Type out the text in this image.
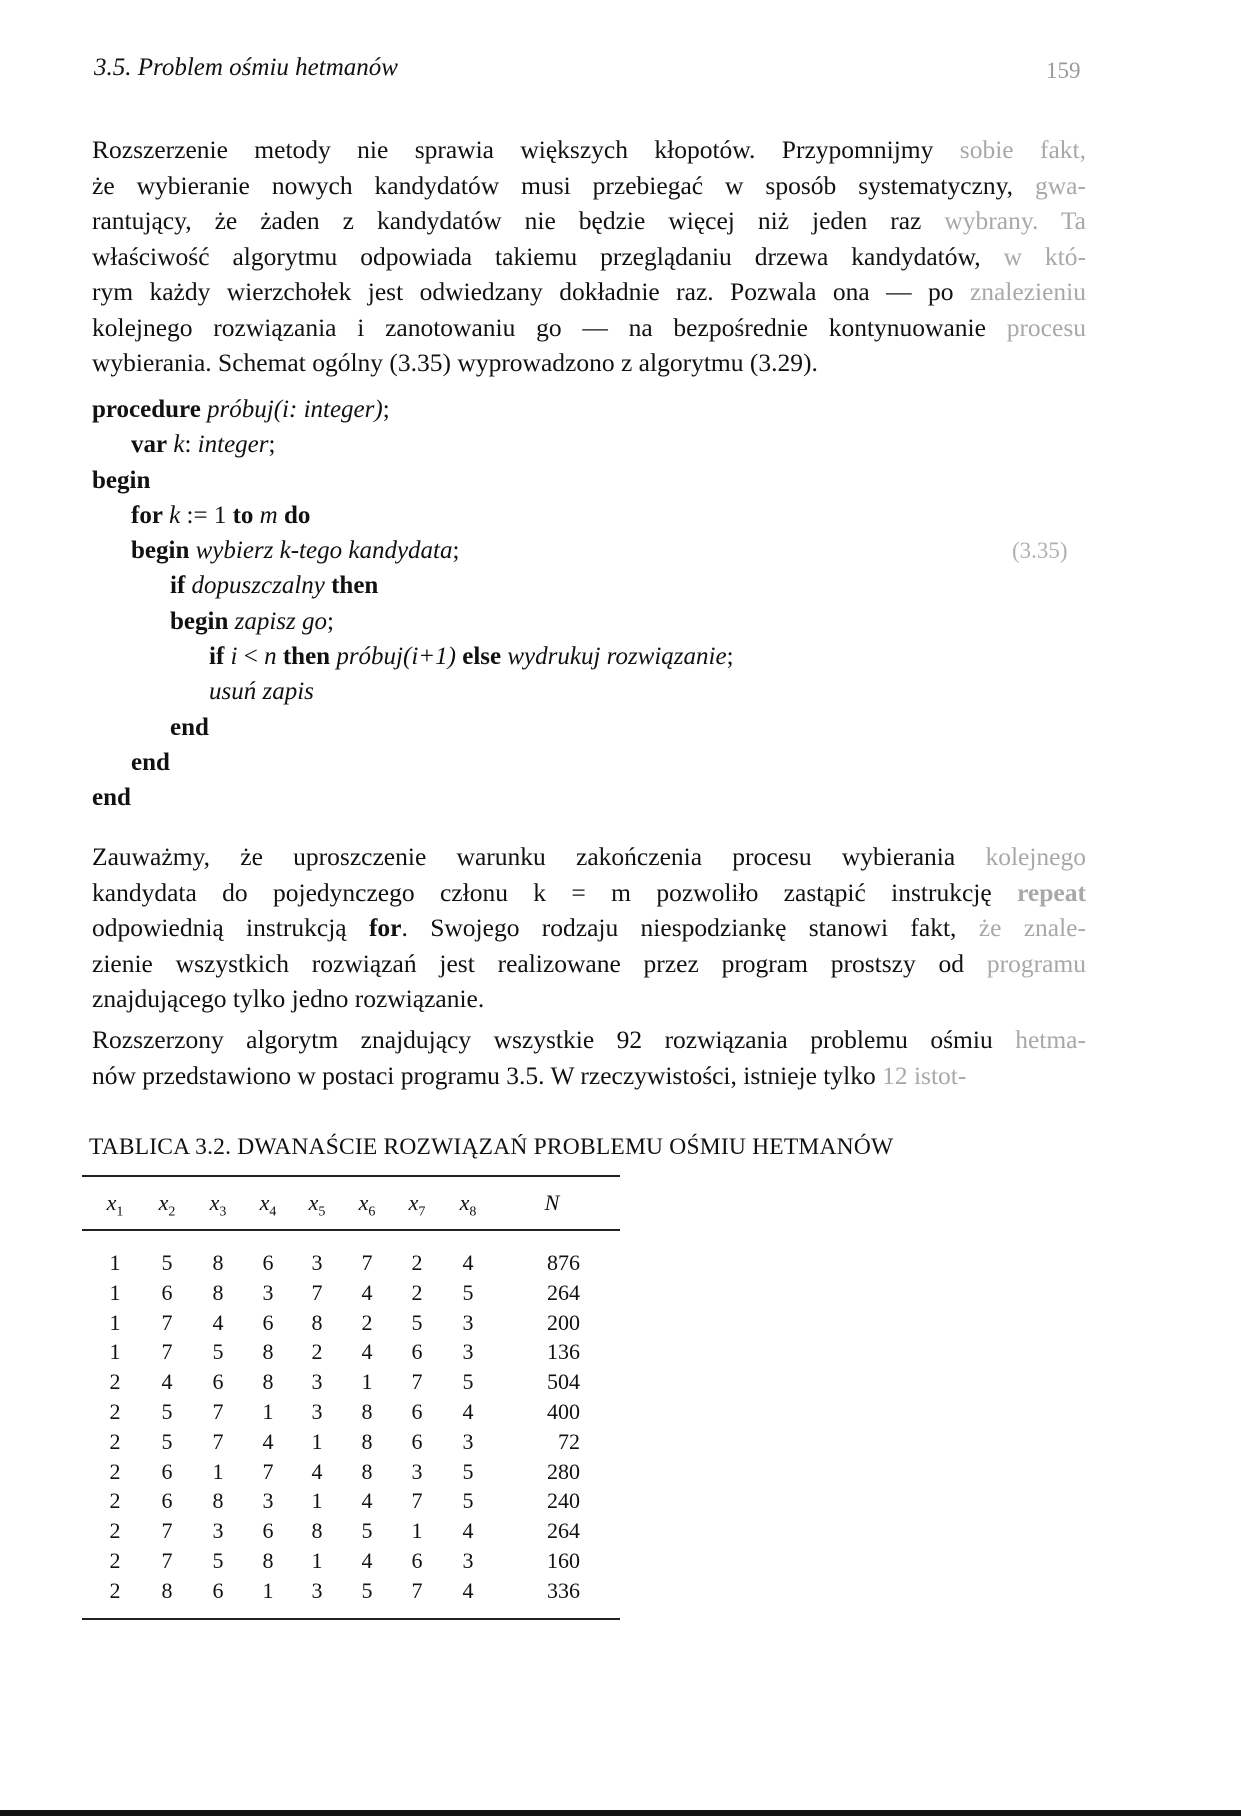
3.5. Problem ośmiu hetmanów	159
Rozszerzenie metody nie sprawia większych kłopotów. Przypomnijmy sobie fakt,
że wybieranie nowych kandydatów musi przebiegać w sposób systematyczny, gwa-
rantujący, że żaden z kandydatów nie będzie więcej niż jeden raz wybrany. Ta
właściwość algorytmu odpowiada takiemu przeglądaniu drzewa kandydatów, w któ-
rym każdy wierzchołek jest odwiedzany dokładnie raz. Pozwala ona — po znalezieniu
kolejnego rozwiązania i zanotowaniu go — na bezpośrednie kontynuowanie procesu
wybierania. Schemat ogólny (3.35) wyprowadzono z algorytmu (3.29).
procedure próbuj(i: integer);
var k: integer;
begin
for k := 1 to m do
begin wybierz k-tego kandydata;
if dopuszczalny then
begin zapisz go;
if i < n then próbuj(i+1) else wydrukuj rozwiązanie;
usuń zapis
end
end
end
(3.35)
Zauważmy, że uproszczenie warunku zakończenia procesu wybierania kolejnego
kandydata do pojedynczego członu k = m pozwoliło zastąpić instrukcję repeat
odpowiednią instrukcją for. Swojego rodzaju niespodziankę stanowi fakt, że znale-
zienie wszystkich rozwiązań jest realizowane przez program prostszy od programu
znajdującego tylko jedno rozwiązanie.
Rozszerzony algorytm znajdujący wszystkie 92 rozwiązania problemu ośmiu hetma-
nów przedstawiono w postaci programu 3.5. W rzeczywistości, istnieje tylko 12 istot-
TABLICA 3.2. DWANAŚCIE ROZWIĄZAŃ PROBLEMU OŚMIU HETMANÓW
$x_1$	$x_2$	$x_3$	$x_4$	$x_5$	$x_6$	$x_7$	$x_8$	N
1	5	8	6	3	7	2	4	876
1	6	8	3	7	4	2	5	264
1	7	4	6	8	2	5	3	200
1	7	5	8	2	4	6	3	136
2	4	6	8	3	1	7	5	504
2	5	7	1	3	8	6	4	400
2	5	7	4	1	8	6	3	72
2	6	1	7	4	8	3	5	280
2	6	8	3	1	4	7	5	240
2	7	3	6	8	5	1	4	264
2	7	5	8	1	4	6	3	160
2	8	6	1	3	5	7	4	336
